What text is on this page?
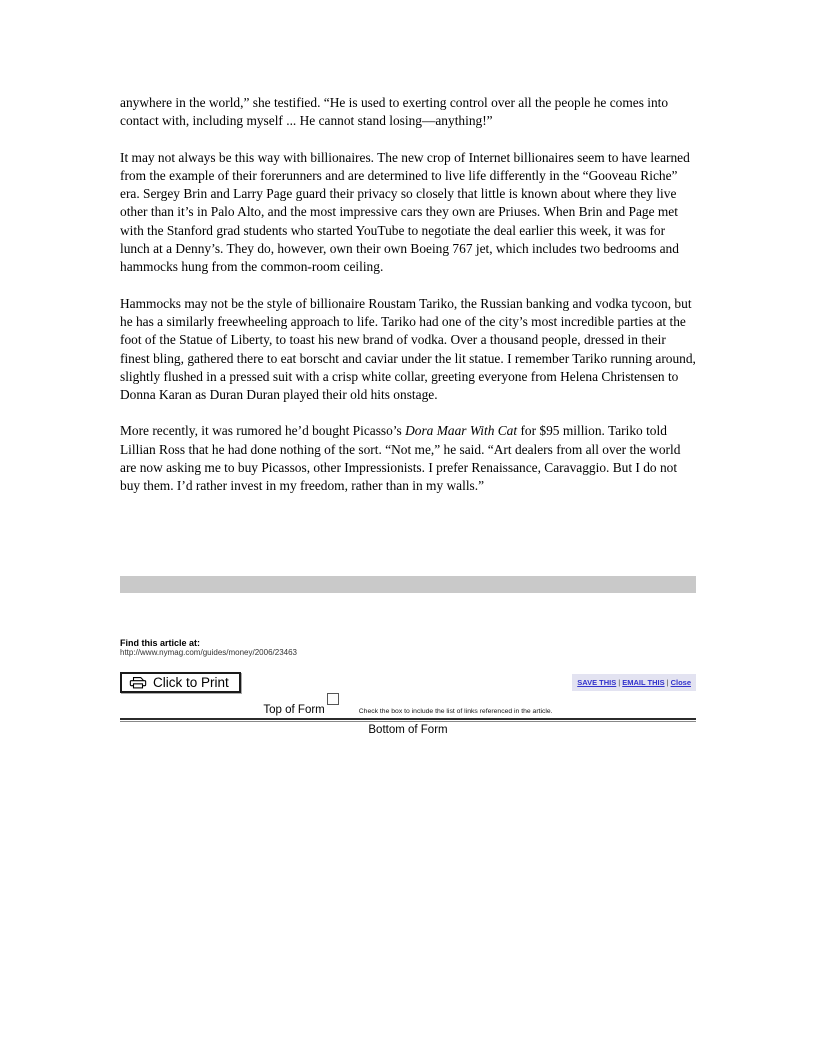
anywhere in the world,” she testified. “He is used to exerting control over all the people he comes into contact with, including myself ... He cannot stand losing—anything!”

It may not always be this way with billionaires. The new crop of Internet billionaires seem to have learned from the example of their forerunners and are determined to live life differently in the “Gooveau Riche” era. Sergey Brin and Larry Page guard their privacy so closely that little is known about where they live other than it’s in Palo Alto, and the most impressive cars they own are Priuses. When Brin and Page met with the Stanford grad students who started YouTube to negotiate the deal earlier this week, it was for lunch at a Denny’s. They do, however, own their own Boeing 767 jet, which includes two bedrooms and hammocks hung from the common-room ceiling.

Hammocks may not be the style of billionaire Roustam Tariko, the Russian banking and vodka tycoon, but he has a similarly freewheeling approach to life. Tariko had one of the city’s most incredible parties at the foot of the Statue of Liberty, to toast his new brand of vodka. Over a thousand people, dressed in their finest bling, gathered there to eat borscht and caviar under the lit statue. I remember Tariko running around, slightly flushed in a pressed suit with a crisp white collar, greeting everyone from Helena Christensen to Donna Karan as Duran Duran played their old hits onstage.

More recently, it was rumored he’d bought Picasso’s Dora Maar With Cat for $95 million. Tariko told Lillian Ross that he had done nothing of the sort. “Not me,” he said. “Art dealers from all over the world are now asking me to buy Picassos, other Impressionists. I prefer Renaissance, Caravaggio. But I do not buy them. I’d rather invest in my freedom, rather than in my walls.”

Find this article at:
http://www.nymag.com/guides/money/2006/23463
Click to Print	SAVE THIS | EMAIL THIS | Close
Top of Form	Check the box to include the list of links referenced in the article.
Bottom of Form
